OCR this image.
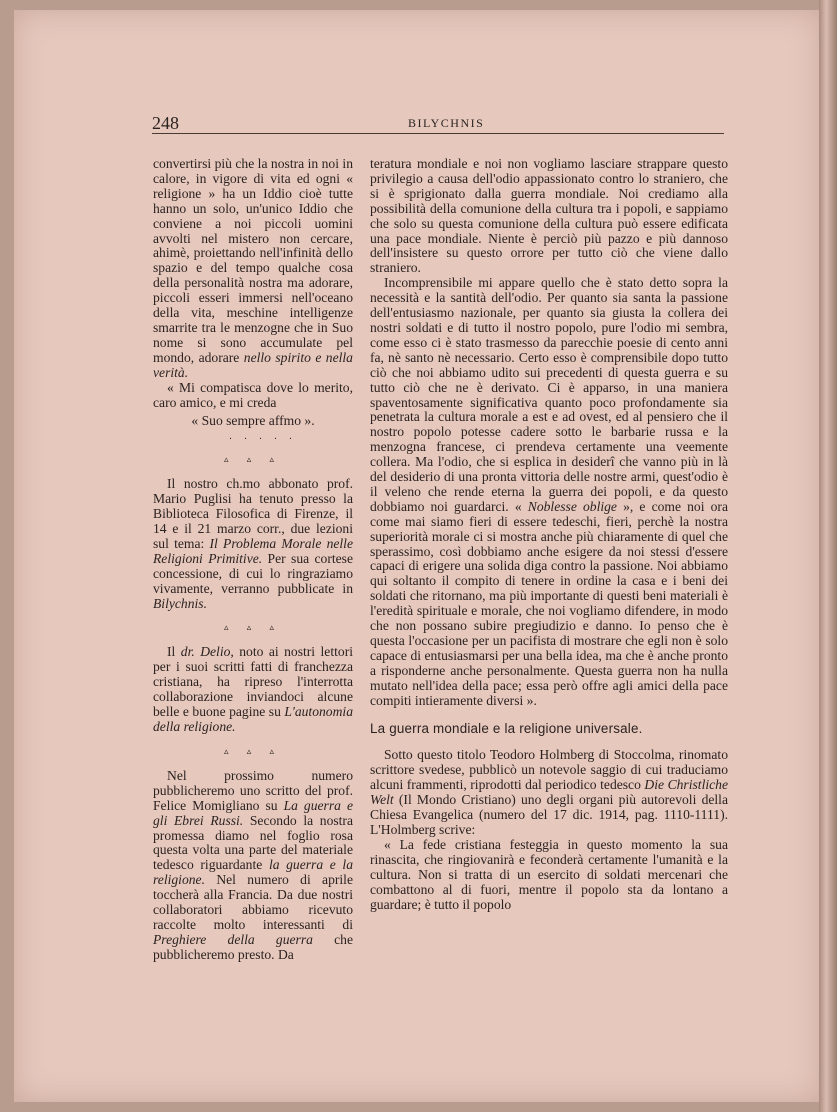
248	BILYCHNIS

convertirsi più che la nostra in noi in calore, in vigore di vita ed ogni « religione » ha un Iddio cioè tutte hanno un solo, un'unico Iddio che conviene a noi piccoli uomini avvolti nel mistero non cercare, ahimè, proiettando nell'infinità dello spazio e del tempo qualche cosa della personalità nostra ma adorare, piccoli esseri immersi nell'oceano della vita, meschine intelligenze smarrite tra le menzogne che in Suo nome si sono accumulate pel mondo, adorare nello spirito e nella verità.

« Mi compatisca dove lo merito, caro amico, e mi creda

« Suo sempre affmo ».

. . . . .
▵ ▵ ▵

Il nostro ch.mo abbonato prof. Mario Puglisi ha tenuto presso la Biblioteca Filosofica di Firenze, il 14 e il 21 marzo corr., due lezioni sul tema: Il Problema Morale nelle Religioni Primitive. Per sua cortese concessione, di cui lo ringraziamo vivamente, verranno pubblicate in Bilychnis.

▵ ▵ ▵

Il dr. Delio, noto ai nostri lettori per i suoi scritti fatti di franchezza cristiana, ha ripreso l'interrotta collaborazione inviandoci alcune belle e buone pagine su L'autonomia della religione.

▵ ▵ ▵

Nel prossimo numero pubblicheremo uno scritto del prof. Felice Momigliano su La guerra e gli Ebrei Russi. Secondo la nostra promessa diamo nel foglio rosa questa volta una parte del materiale tedesco riguardante la guerra e la religione. Nel numero di aprile toccherà alla Francia. Da due nostri collaboratori abbiamo ricevuto raccolte molto interessanti di Preghiere della guerra che pubblicheremo presto. Da

teratura mondiale e noi non vogliamo lasciare strappare questo privilegio a causa dell'odio appassionato contro lo straniero, che si è sprigionato dalla guerra mondiale. Noi crediamo alla possibilità della comunione della cultura tra i popoli, e sappiamo che solo su questa comunione della cultura può essere edificata una pace mondiale. Niente è perciò più pazzo e più dannoso dell'insistere su questo orrore per tutto ciò che viene dallo straniero.

Incomprensibile mi appare quello che è stato detto sopra la necessità e la santità dell'odio. Per quanto sia santa la passione dell'entusiasmo nazionale, per quanto sia giusta la collera dei nostri soldati e di tutto il nostro popolo, pure l'odio mi sembra, come esso ci è stato trasmesso da parecchie poesie di cento anni fa, nè santo nè necessario. Certo esso è comprensibile dopo tutto ciò che noi abbiamo udito sui precedenti di questa guerra e su tutto ciò che ne è derivato. Ci è apparso, in una maniera spaventosamente significativa quanto poco profondamente sia penetrata la cultura morale a est e ad ovest, ed al pensiero che il nostro popolo potesse cadere sotto le barbarie russa e la menzogna francese, ci prendeva certamente una veemente collera. Ma l'odio, che si esplica in desiderî che vanno più in là del desiderio di una pronta vittoria delle nostre armi, quest'odio è il veleno che rende eterna la guerra dei popoli, e da questo dobbiamo noi guardarci. « Noblesse oblige », e come noi ora come mai siamo fieri di essere tedeschi, fieri, perchè la nostra superiorità morale ci si mostra anche più chiaramente di quel che sperassimo, così dobbiamo anche esigere da noi stessi d'essere capaci di erigere una solida diga contro la passione. Noi abbiamo qui soltanto il compito di tenere in ordine la casa e i beni dei soldati che ritornano, ma più importante di questi beni materiali è l'eredità spirituale e morale, che noi vogliamo difendere, in modo che non possano subire pregiudizio e danno. Io penso che è questa l'occasione per un pacifista di mostrare che egli non è solo capace di entusiasmarsi per una bella idea, ma che è anche pronto a risponderne anche personalmente. Questa guerra non ha nulla mutato nell'idea della pace; essa però offre agli amici della pace compiti intieramente diversi ».

La guerra mondiale e la religione universale.

Sotto questo titolo Teodoro Holmberg di Stoccolma, rinomato scrittore svedese, pubblicò un notevole saggio di cui traduciamo alcuni frammenti, riprodotti dal periodico tedesco Die Christliche Welt (Il Mondo Cristiano) uno degli organi più autorevoli della Chiesa Evangelica (numero del 17 dic. 1914, pag. 1110-1111). L'Holmberg scrive:

« La fede cristiana festeggia in questo momento la sua rinascita, che ringiovanirà e feconderà certamente l'umanità e la cultura. Non si tratta di un esercito di soldati mercenari che combattono al di fuori, mentre il popolo sta da lontano a guardare; è tutto il popolo
